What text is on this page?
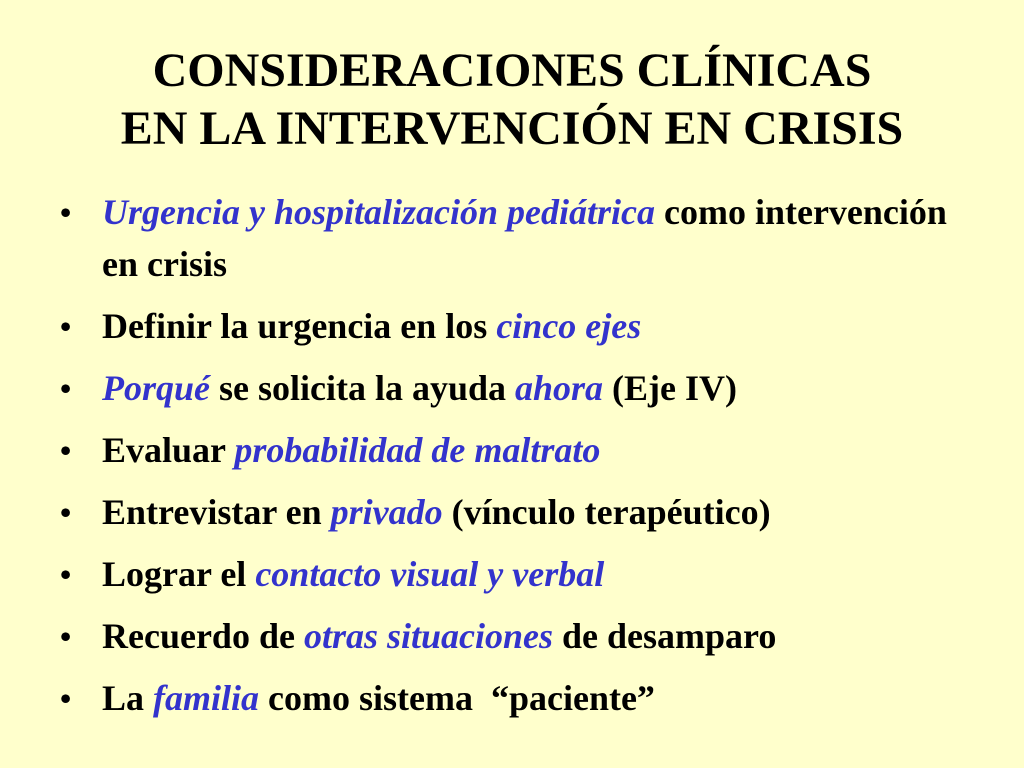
CONSIDERACIONES CLÍNICAS
EN LA INTERVENCIÓN EN CRISIS
• Urgencia y hospitalización pediátrica como intervención en crisis
• Definir la urgencia en los cinco ejes
• Porqué se solicita la ayuda ahora (Eje IV)
• Evaluar probabilidad de maltrato
• Entrevistar en privado (vínculo terapéutico)
• Lograr el contacto visual y verbal
• Recuerdo de otras situaciones de desamparo
• La familia como sistema  “paciente”
